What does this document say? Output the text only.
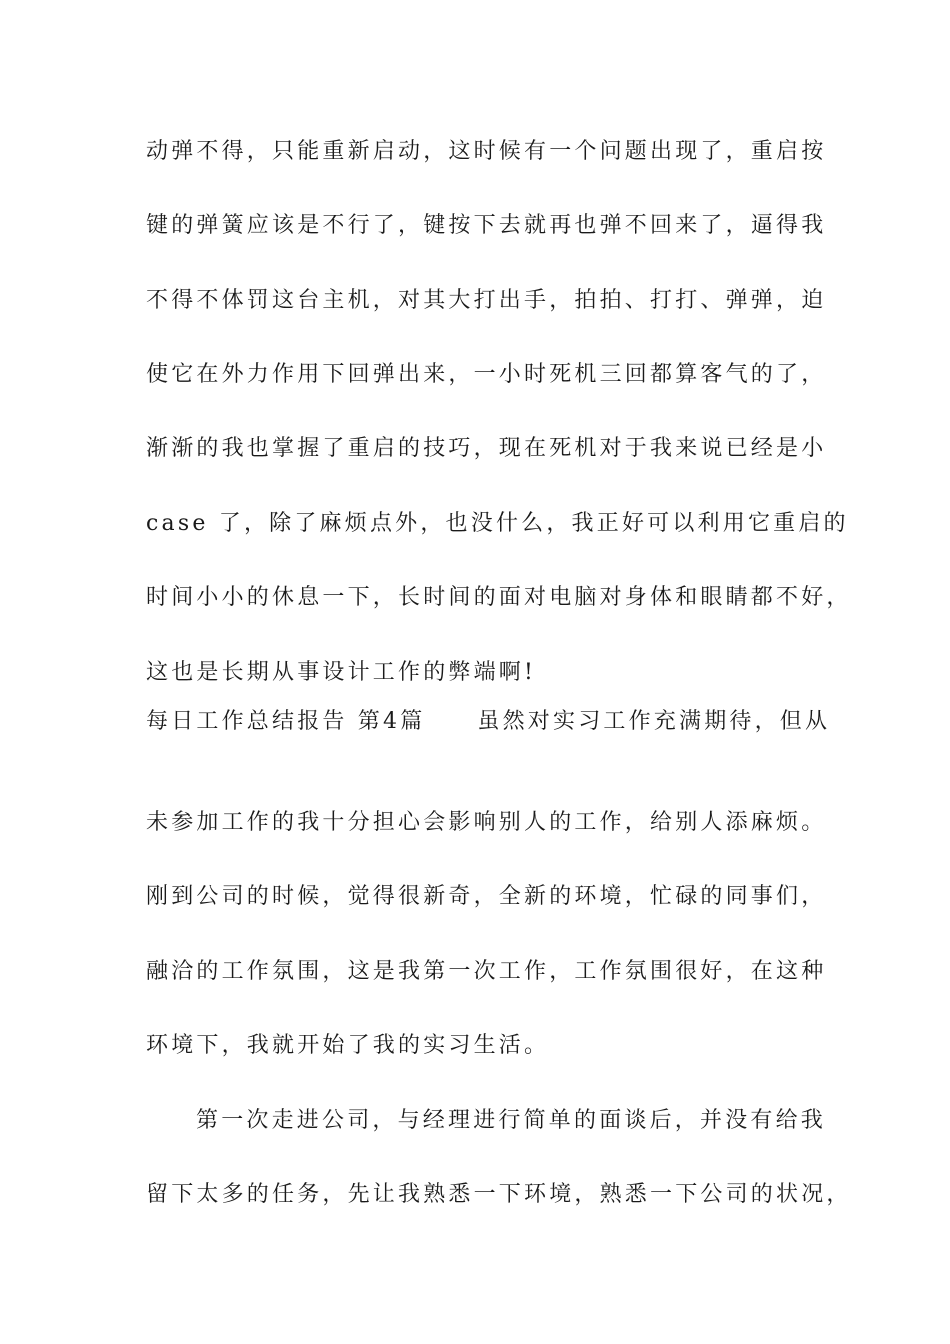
动弹不得，只能重新启动，这时候有一个问题出现了，重启按
键的弹簧应该是不行了，键按下去就再也弹不回来了，逼得我
不得不体罚这台主机，对其大打出手，拍拍、打打、弹弹，迫
使它在外力作用下回弹出来，一小时死机三回都算客气的了，
渐渐的我也掌握了重启的技巧，现在死机对于我来说已经是小
case 了，除了麻烦点外，也没什么，我正好可以利用它重启的
时间小小的休息一下，长时间的面对电脑对身体和眼睛都不好，
这也是长期从事设计工作的弊端啊!
每日工作总结报告 第4篇 虽然对实习工作充满期待，但从
未参加工作的我十分担心会影响别人的工作，给别人添麻烦。
刚到公司的时候，觉得很新奇，全新的环境，忙碌的同事们，
融洽的工作氛围，这是我第一次工作，工作氛围很好，在这种
环境下，我就开始了我的实习生活。
第一次走进公司，与经理进行简单的面谈后，并没有给我
留下太多的任务，先让我熟悉一下环境，熟悉一下公司的状况，
